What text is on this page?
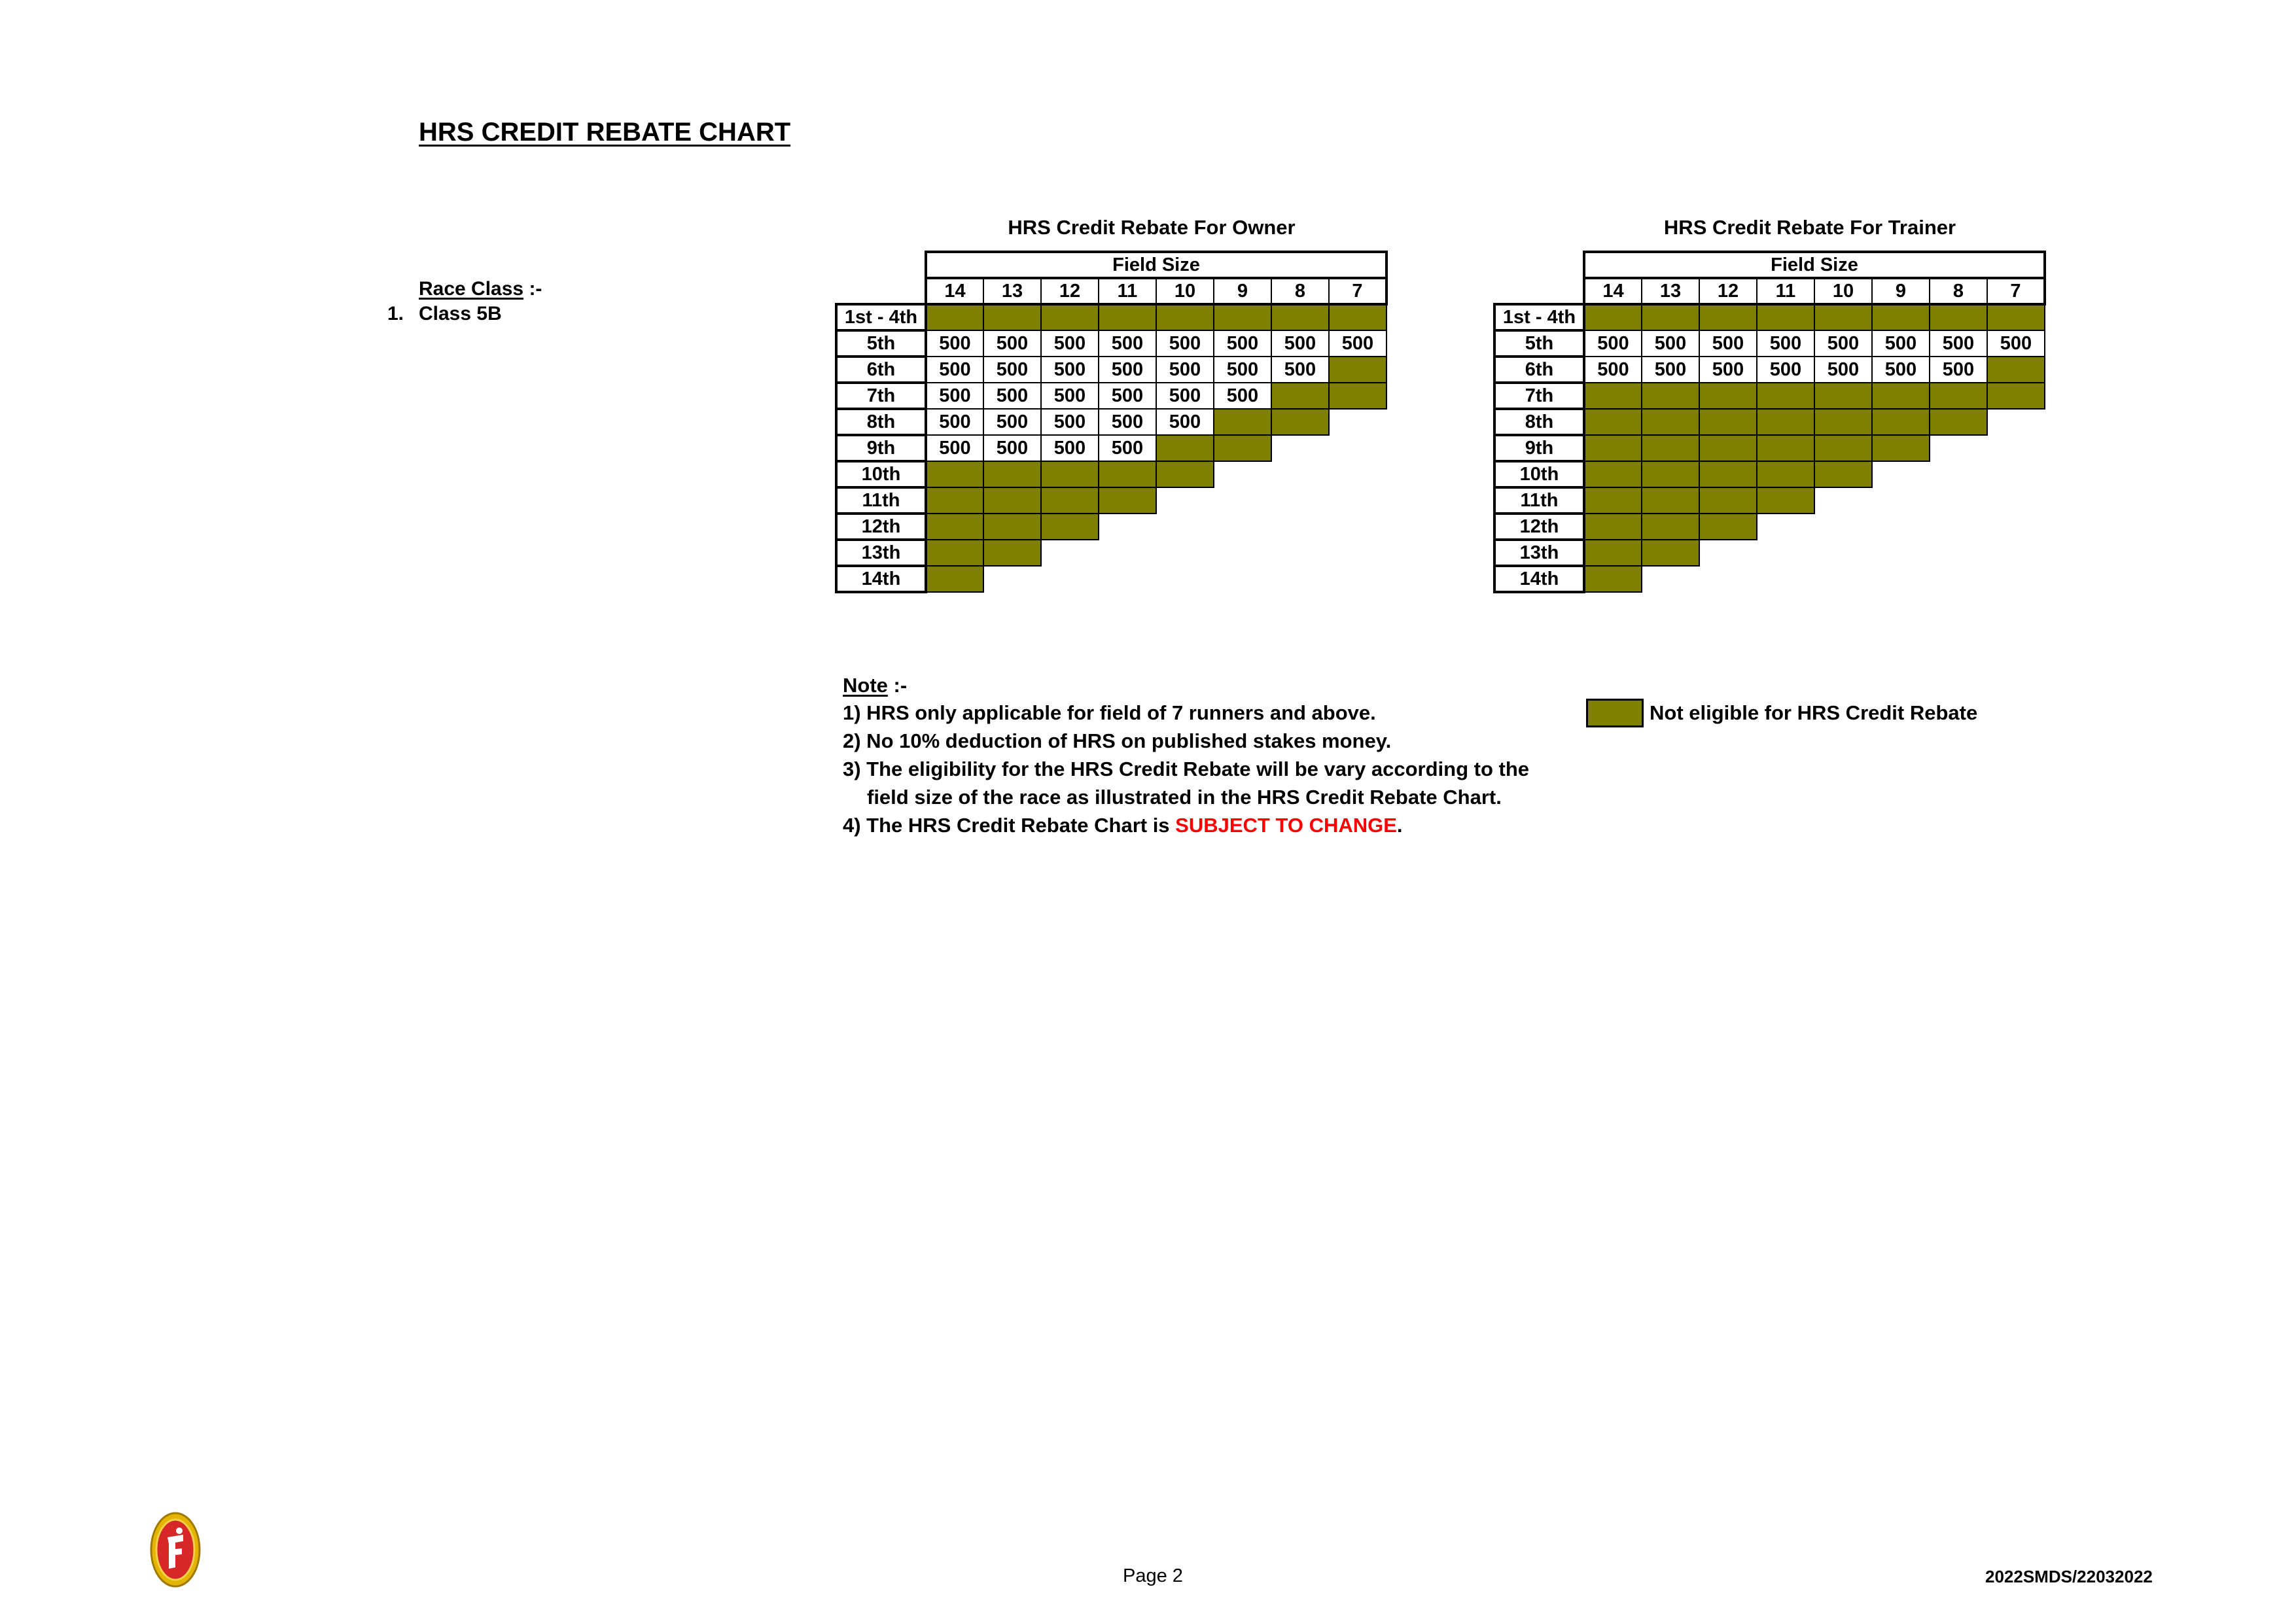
HRS CREDIT REBATE CHART
Race Class :-
1. Class 5B
HRS Credit Rebate For Owner
	Field Size							
	14	13	12	11	10	9	8	7
1st - 4th								
5th	500	500	500	500	500	500	500	500
6th	500	500	500	500	500	500	500	
7th	500	500	500	500	500	500		
8th	500	500	500	500	500			
9th	500	500	500	500				
10th								
11th								
12th								
13th								
14th								
HRS Credit Rebate For Trainer
	Field Size							
	14	13	12	11	10	9	8	7
1st - 4th								
5th	500	500	500	500	500	500	500	500
6th	500	500	500	500	500	500	500	
7th								
8th								
9th								
10th								
11th								
12th								
13th								
14th								
Note :-
1) HRS only applicable for field of 7 runners and above.
2) No 10% deduction of HRS on published stakes money.
3) The eligibility for the HRS Credit Rebate will be vary according to the
field size of the race as illustrated in the HRS Credit Rebate Chart.
4) The HRS Credit Rebate Chart is SUBJECT TO CHANGE.
Not eligible for HRS Credit Rebate
Page 2	2022SMDS/22032022
